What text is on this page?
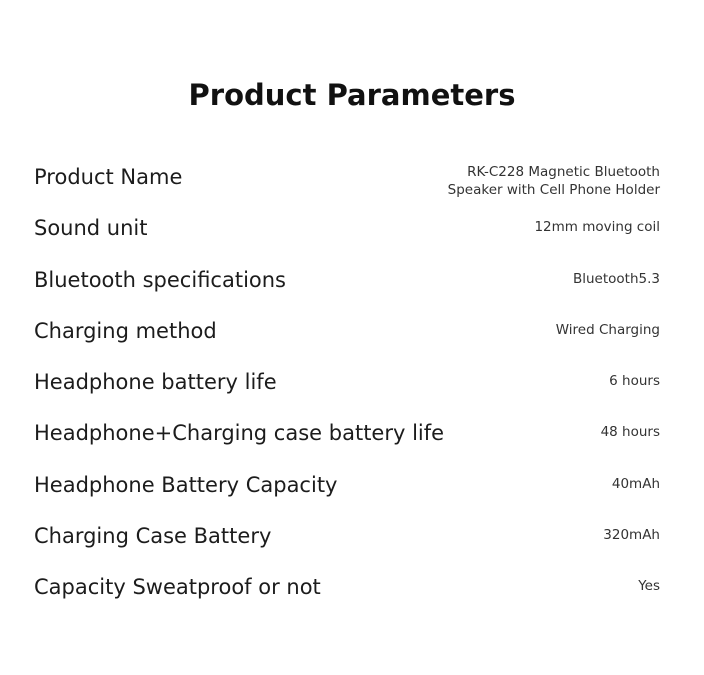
Product Parameters
Product Name	RK-C228 Magnetic Bluetooth Speaker with Cell Phone Holder
Sound unit	12mm moving coil
Bluetooth specifications	Bluetooth5.3
Charging method	Wired Charging
Headphone battery life	6 hours
Headphone+Charging case battery life	48 hours
Headphone Battery Capacity	40mAh
Charging Case Battery	320mAh
Capacity Sweatproof or not	Yes
